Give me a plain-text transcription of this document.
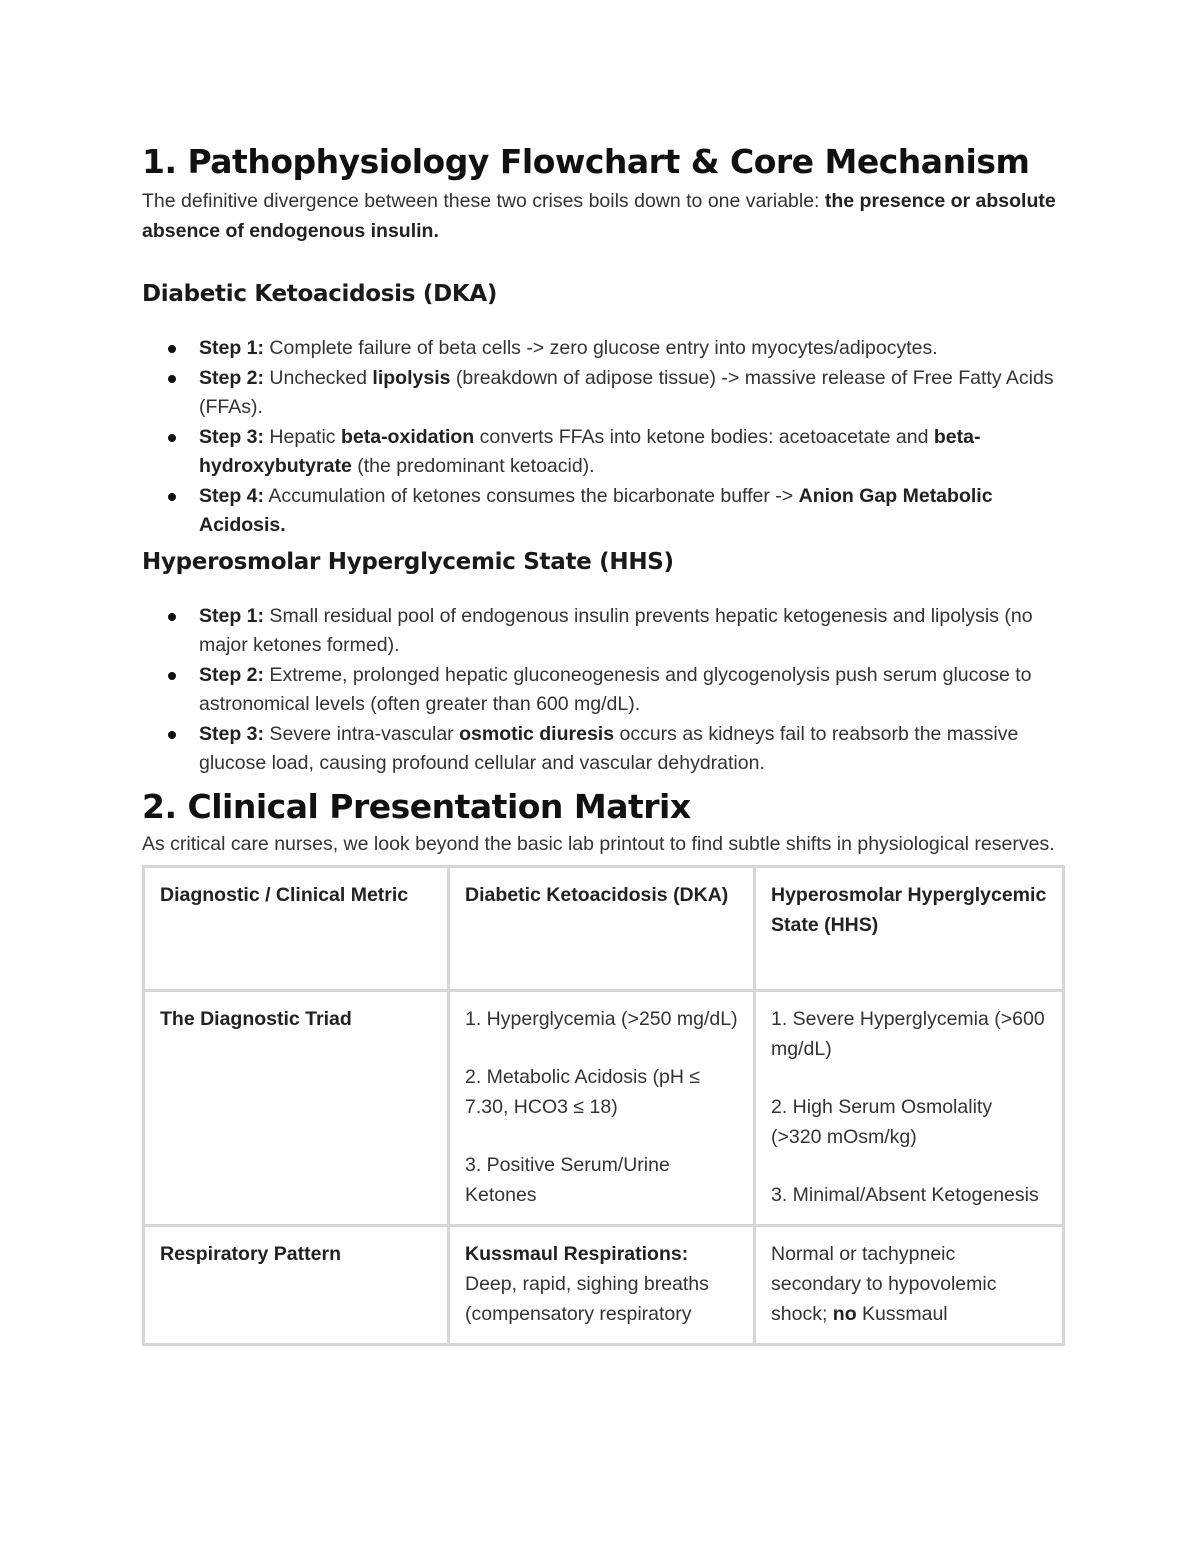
1. Pathophysiology Flowchart & Core Mechanism

The definitive divergence between these two crises boils down to one variable: the presence or absolute absence of endogenous insulin.

Diabetic Ketoacidosis (DKA)
Step 1: Complete failure of beta cells -> zero glucose entry into myocytes/adipocytes.
Step 2: Unchecked lipolysis (breakdown of adipose tissue) -> massive release of Free Fatty Acids (FFAs).
Step 3: Hepatic beta-oxidation converts FFAs into ketone bodies: acetoacetate and beta-hydroxybutyrate (the predominant ketoacid).
Step 4: Accumulation of ketones consumes the bicarbonate buffer -> Anion Gap Metabolic Acidosis.
Hyperosmolar Hyperglycemic State (HHS)
Step 1: Small residual pool of endogenous insulin prevents hepatic ketogenesis and lipolysis (no major ketones formed).
Step 2: Extreme, prolonged hepatic gluconeogenesis and glycogenolysis push serum glucose to astronomical levels (often greater than 600 mg/dL).
Step 3: Severe intra-vascular osmotic diuresis occurs as kidneys fail to reabsorb the massive glucose load, causing profound cellular and vascular dehydration.
2. Clinical Presentation Matrix

As critical care nurses, we look beyond the basic lab printout to find subtle shifts in physiological reserves.

Diagnostic / Clinical Metric	Diabetic Ketoacidosis (DKA)	Hyperosmolar Hyperglycemic State (HHS)
The Diagnostic Triad	1. Hyperglycemia (>250 mg/dL)
2. Metabolic Acidosis (pH ≤ 7.30, HCO3 ≤ 18)
3. Positive Serum/Urine Ketones	1. Severe Hyperglycemia (>600 mg/dL)
2. High Serum Osmolality (>320 mOsm/kg)
3. Minimal/Absent Ketogenesis

Respiratory Pattern	Kussmaul Respirations:
Deep, rapid, sighing breaths (compensatory respiratory	Normal or tachypneic secondary to hypovolemic shock; no Kussmaul
